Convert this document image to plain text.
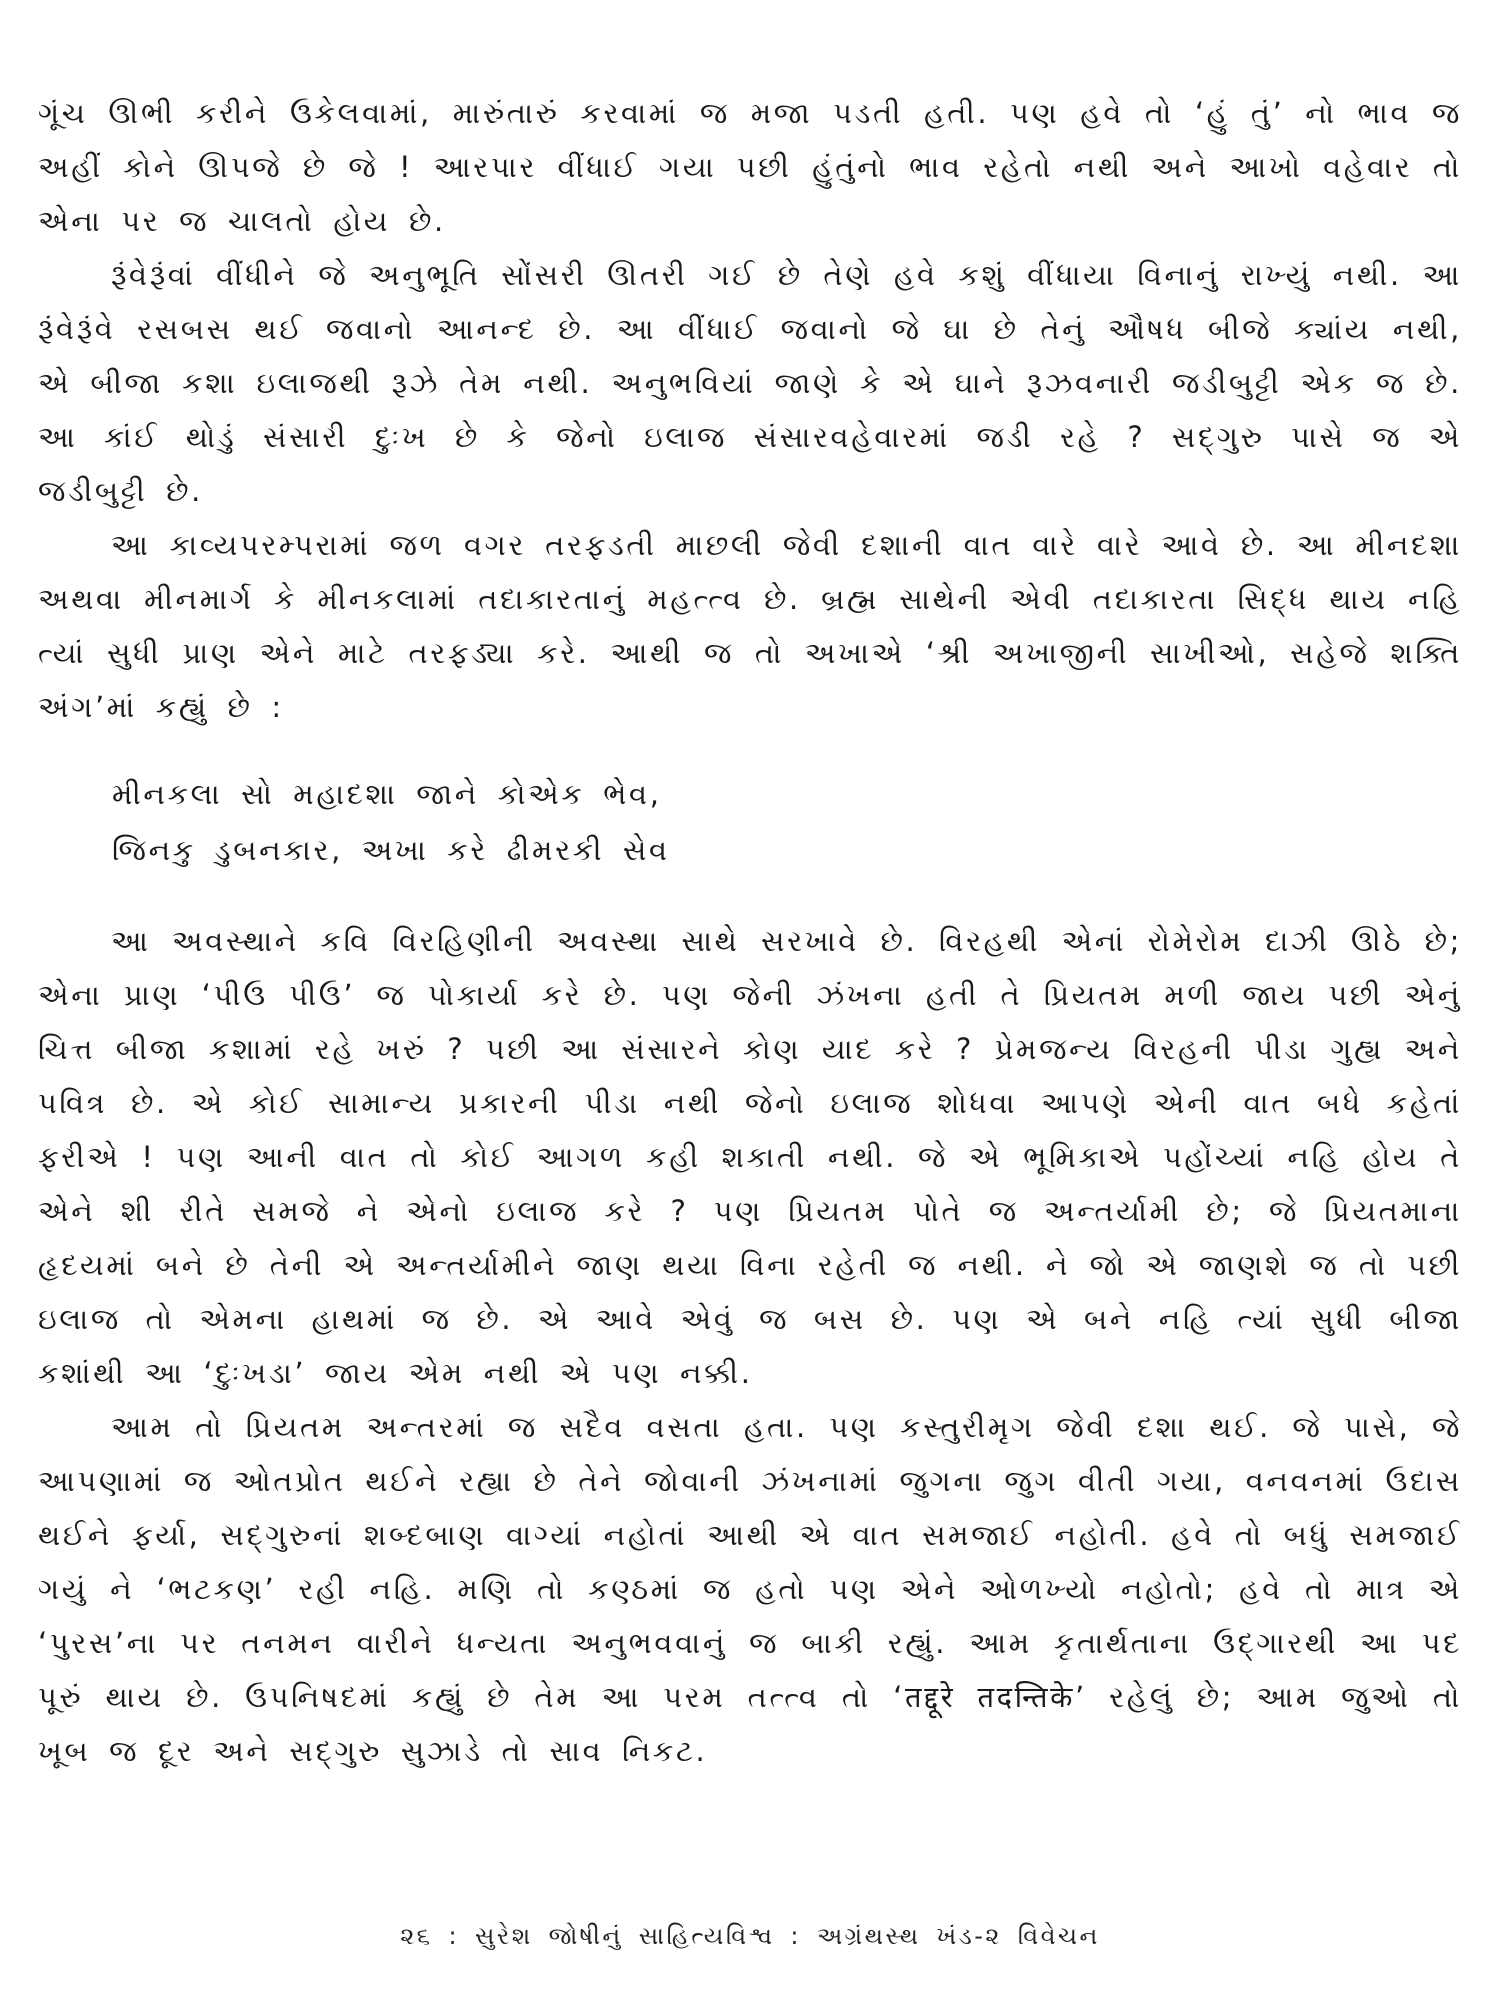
ગૂંચ ઊભી કરીને ઉકેલવામાં, મારુંતારું કરવામાં જ મજા પડતી હતી. પણ હવે તો ‘હું તું’ નો ભાવ જ અહીં કોને ઊપજે છે જે ! આરપાર વીંધાઈ ગયા પછી હુંતુંનો ભાવ રહેતો નથી અને આખો વહેવાર તો એના પર જ ચાલતો હોય છે.

રૂંવેરૂંવાં વીંધીને જે અનુભૂતિ સોંસરી ઊતરી ગઈ છે તેણે હવે કશું વીંધાયા વિનાનું રાખ્યું નથી. આ રૂંવેરૂંવે રસબસ થઈ જવાનો આનન્દ છે. આ વીંધાઈ જવાનો જે ઘા છે તેનું ઔષધ બીજે ક્યાંય નથી, એ બીજા કશા ઇલાજથી રૂઝે તેમ નથી. અનુભવિયાં જાણે કે એ ઘાને રૂઝવનારી જડીબુટ્ટી એક જ છે. આ કાંઈ થોડું સંસારી દુઃખ છે કે જેનો ઇલાજ સંસારવહેવારમાં જડી રહે ? સદ્ગુરુ પાસે જ એ જડીબુટ્ટી છે.

આ કાવ્યપરમ્પરામાં જળ વગર તરફડતી માછલી જેવી દશાની વાત વારે વારે આવે છે. આ મીનદશા અથવા મીનમાર્ગ કે મીનકલામાં તદાકારતાનું મહત્ત્વ છે. બ્રહ્મ સાથેની એવી તદાકારતા સિદ્ધ થાય નહિ ત્યાં સુધી પ્રાણ એને માટે તરફડ્યા કરે. આથી જ તો અખાએ ‘શ્રી અખાજીની સાખીઓ, સહેજે શક્તિ અંગ’માં કહ્યું છે :

મીનકલા સો મહાદશા જાને કોએક ભેવ,
જિનકુ ડુબનકાર, અખા કરે ઢીમરકી સેવ

આ અવસ્થાને કવિ વિરહિણીની અવસ્થા સાથે સરખાવે છે. વિરહથી એનાં રોમેરોમ દાઝી ઊઠે છે; એના પ્રાણ ‘પીઉ પીઉ’ જ પોકાર્યા કરે છે. પણ જેની ઝંખના હતી તે પ્રિયતમ મળી જાય પછી એનું ચિત્ત બીજા કશામાં રહે ખરું ? પછી આ સંસારને કોણ યાદ કરે ? પ્રેમજન્ય વિરહની પીડા ગુહ્ય અને પવિત્ર છે. એ કોઈ સામાન્ય પ્રકારની પીડા નથી જેનો ઇલાજ શોધવા આપણે એની વાત બધે કહેતાં ફરીએ ! પણ આની વાત તો કોઈ આગળ કહી શકાતી નથી. જે એ ભૂમિકાએ પહોંચ્યાં નહિ હોય તે એને શી રીતે સમજે ને એનો ઇલાજ કરે ? પણ પ્રિયતમ પોતે જ અન્તર્યામી છે; જે પ્રિયતમાના હૃદયમાં બને છે તેની એ અન્તર્યામીને જાણ થયા વિના રહેતી જ નથી. ને જો એ જાણશે જ તો પછી ઇલાજ તો એમના હાથમાં જ છે. એ આવે એવું જ બસ છે. પણ એ બને નહિ ત્યાં સુધી બીજા કશાંથી આ ‘દુઃખડા’ જાય એમ નથી એ પણ નક્કી.

આમ તો પ્રિયતમ અન્તરમાં જ સદૈવ વસતા હતા. પણ કસ્તુરીમૃગ જેવી દશા થઈ. જે પાસે, જે આપણામાં જ ઓતપ્રોત થઈને રહ્યા છે તેને જોવાની ઝંખનામાં જુગના જુગ વીતી ગયા, વનવનમાં ઉદાસ થઈને ફર્યા, સદ્ગુરુનાં શબ્દબાણ વાગ્યાં નહોતાં આથી એ વાત સમજાઈ નહોતી. હવે તો બધું સમજાઈ ગયું ને ‘ભટકણ’ રહી નહિ. મણિ તો કણ્ઠમાં જ હતો પણ એને ઓળખ્યો નહોતો; હવે તો માત્ર એ ‘પુરસ’ના પર તનમન વારીને ધન્યતા અનુભવવાનું જ બાકી રહ્યું. આમ કૃતાર્થતાના ઉદ્ગારથી આ પદ પૂરું થાય છે. ઉપનિષદમાં કહ્યું છે તેમ આ પરમ તત્ત્વ તો ‘तद्दूरे तदन्तिके’ રહેલું છે; આમ જુઓ તો ખૂબ જ દૂર અને સદ્ગુરુ સુઝાડે તો સાવ નિકટ.

૨૬ : સુરેશ જોષીનું સાહિત્યવિશ્વ : અગ્રંથસ્થ ખંડ-૨ વિવેચન
